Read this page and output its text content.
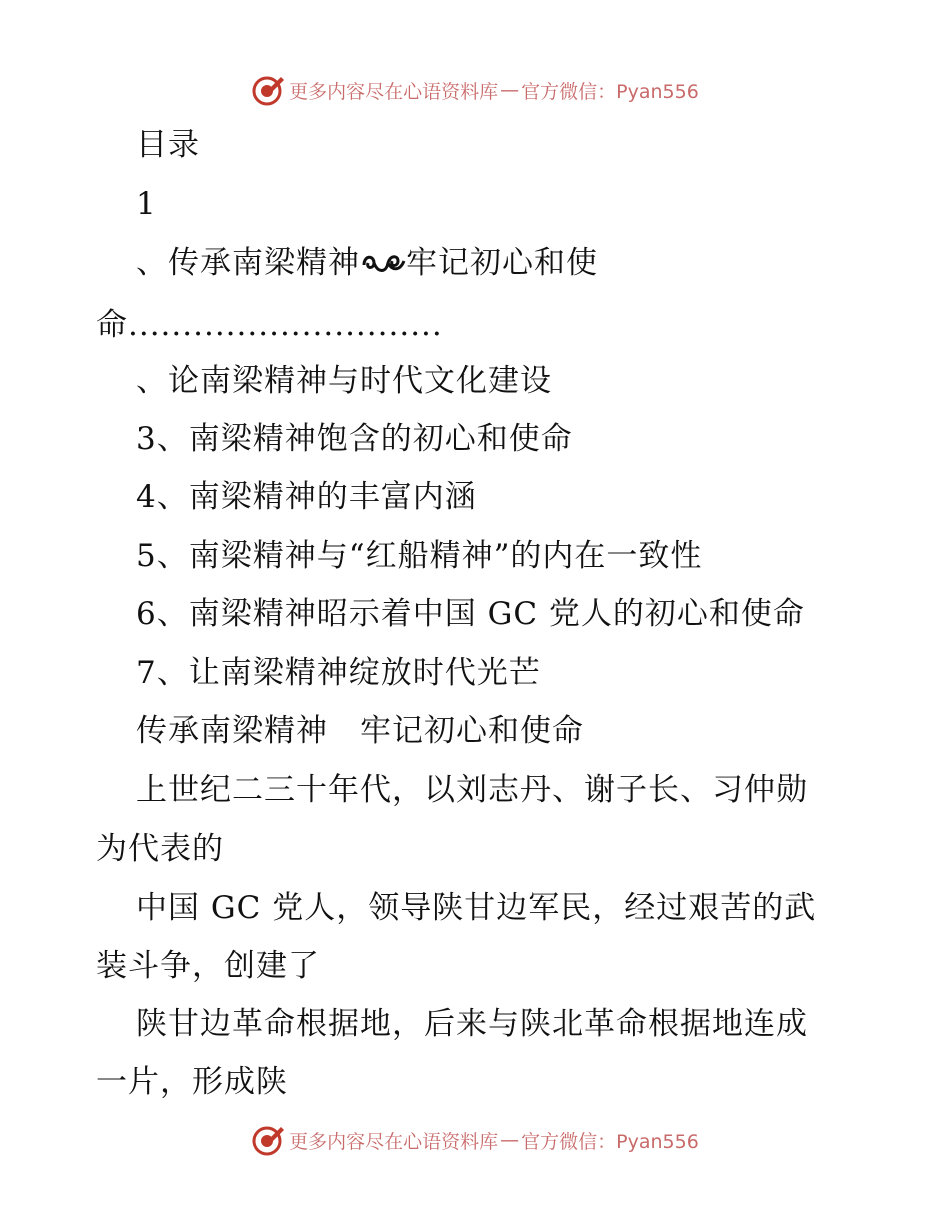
更多内容尽在心语资料库 — 官方微信：Pyan556
目录
1
、传承南梁精神 牢记初心和使
命.............................
、论南梁精神与时代文化建设
3、南梁精神饱含的初心和使命
4、南梁精神的丰富内涵
5、南梁精神与“红船精神”的内在一致性
6、南梁精神昭示着中国 GC 党人的初心和使命
7、让南梁精神绽放时代光芒
传承南梁精神　牢记初心和使命
上世纪二三十年代，以刘志丹、谢子长、习仲勋
为代表的
中国 GC 党人，领导陕甘边军民，经过艰苦的武
装斗争，创建了
陕甘边革命根据地，后来与陕北革命根据地连成
一片，形成陕
更多内容尽在心语资料库 — 官方微信：Pyan556
